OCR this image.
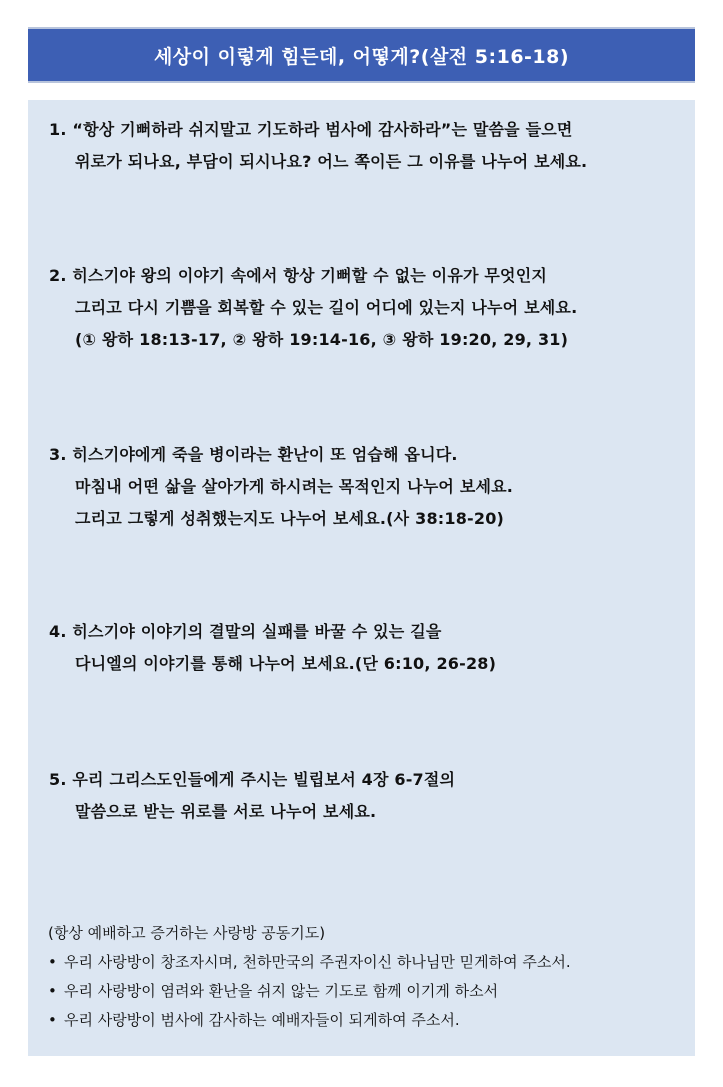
세상이 이렇게 힘든데, 어떻게?(살전 5:16-18)
1. “항상 기뻐하라 쉬지말고 기도하라 범사에 감사하라”는 말씀을 들으면
위로가 되나요, 부담이 되시나요? 어느 쪽이든 그 이유를 나누어 보세요.
2. 히스기야 왕의 이야기 속에서 항상 기뻐할 수 없는 이유가 무엇인지
그리고 다시 기쁨을 회복할 수 있는 길이 어디에 있는지 나누어 보세요.
(① 왕하 18:13-17, ② 왕하 19:14-16, ③ 왕하 19:20, 29, 31)
3. 히스기야에게 죽을 병이라는 환난이 또 엄습해 옵니다.
마침내 어떤 삶을 살아가게 하시려는 목적인지 나누어 보세요.
그리고 그렇게 성취했는지도 나누어 보세요.(사 38:18-20)
4. 히스기야 이야기의 결말의 실패를 바꿀 수 있는 길을
다니엘의 이야기를 통해 나누어 보세요.(단 6:10, 26-28)
5. 우리 그리스도인들에게 주시는 빌립보서 4장 6-7절의
말씀으로 받는 위로를 서로 나누어 보세요.
(항상 예배하고 증거하는 사랑방 공동기도)
• 우리 사랑방이 창조자시며, 천하만국의 주권자이신 하나님만 믿게하여 주소서.
• 우리 사랑방이 염려와 환난을 쉬지 않는 기도로 함께 이기게 하소서
• 우리 사랑방이 범사에 감사하는 예배자들이 되게하여 주소서.
